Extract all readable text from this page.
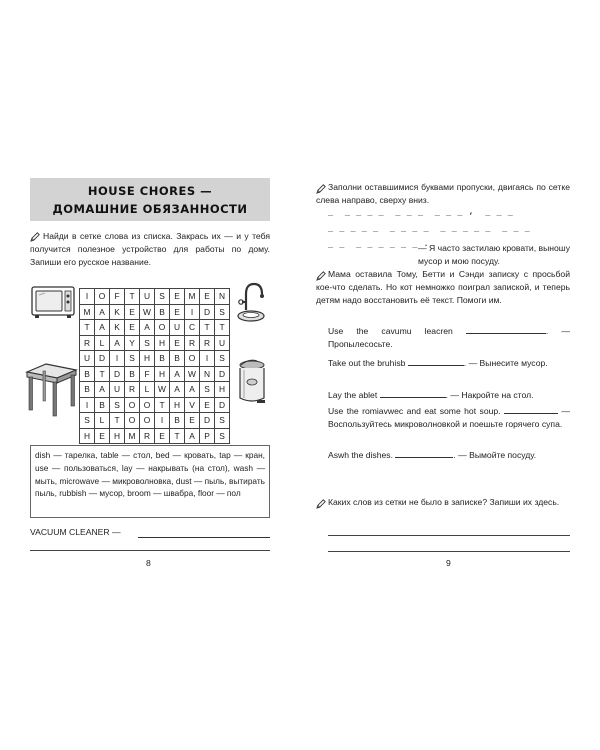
HOUSE CHORES —
ДОМАШНИЕ ОБЯЗАННОСТИ
Найди в сетке слова из списка. Закрась их — и у тебя получится полезное устройство для работы по дому. Запиши его русское название.
I	O	F	T	U	S	E	M	E	N
M	A	K	E	W	B	E	I	D	S
T	A	K	E	A	O	U	C	T	T
R	L	A	Y	S	H	E	R	R	U
U	D	I	S	H	B	B	O	I	S
B	T	D	B	F	H	A	W	N	D
B	A	U	R	L	W	A	A	S	H
I	B	S	O	O	T	H	V	E	D
S	L	T	O	O	I	B	E	D	S
H	E	H	M	R	E	T	A	P	S
dish — тарелка, table — стол, bed — кровать, tap — кран, use — пользоваться, lay — накрывать (на стол), wash — мыть, microwave — микроволновка, dust — пыль, вытирать пыль, rubbish — мусор, broom — швабра, floor — пол
VACUUM CLEANER —
8
Заполни оставшимися буквами пропуски, двигаясь по сетке слева направо, сверху вниз.
_  _ _ _ _  _ _ _  _ _ _ ,  _ _ _
_ _ _ _ _  _ _ _ _  _ _ _ _ _  _ _ _
_ _  _ _ _ _ _ _ .
— Я часто застилаю кровати, выношу мусор и мою посуду.
Мама оставила Тому, Бетти и Сэнди записку с просьбой кое-что сделать. Но кот немножко поиграл запиской, и теперь детям надо восстановить её текст. Помоги им.
Use the cavumu leacren	. — Пропылесосьте.
Take out the bruhisb	. — Вынесите мусор.
Lay the ablet	. — Накройте на стол.
Use the romiavwec and eat some hot soup.	— Воспользуйтесь микроволновкой и поешьте горячего супа.
Aswh the dishes.	. — Вымойте посуду.
Каких слов из сетки не было в записке? Запиши их здесь.
9
